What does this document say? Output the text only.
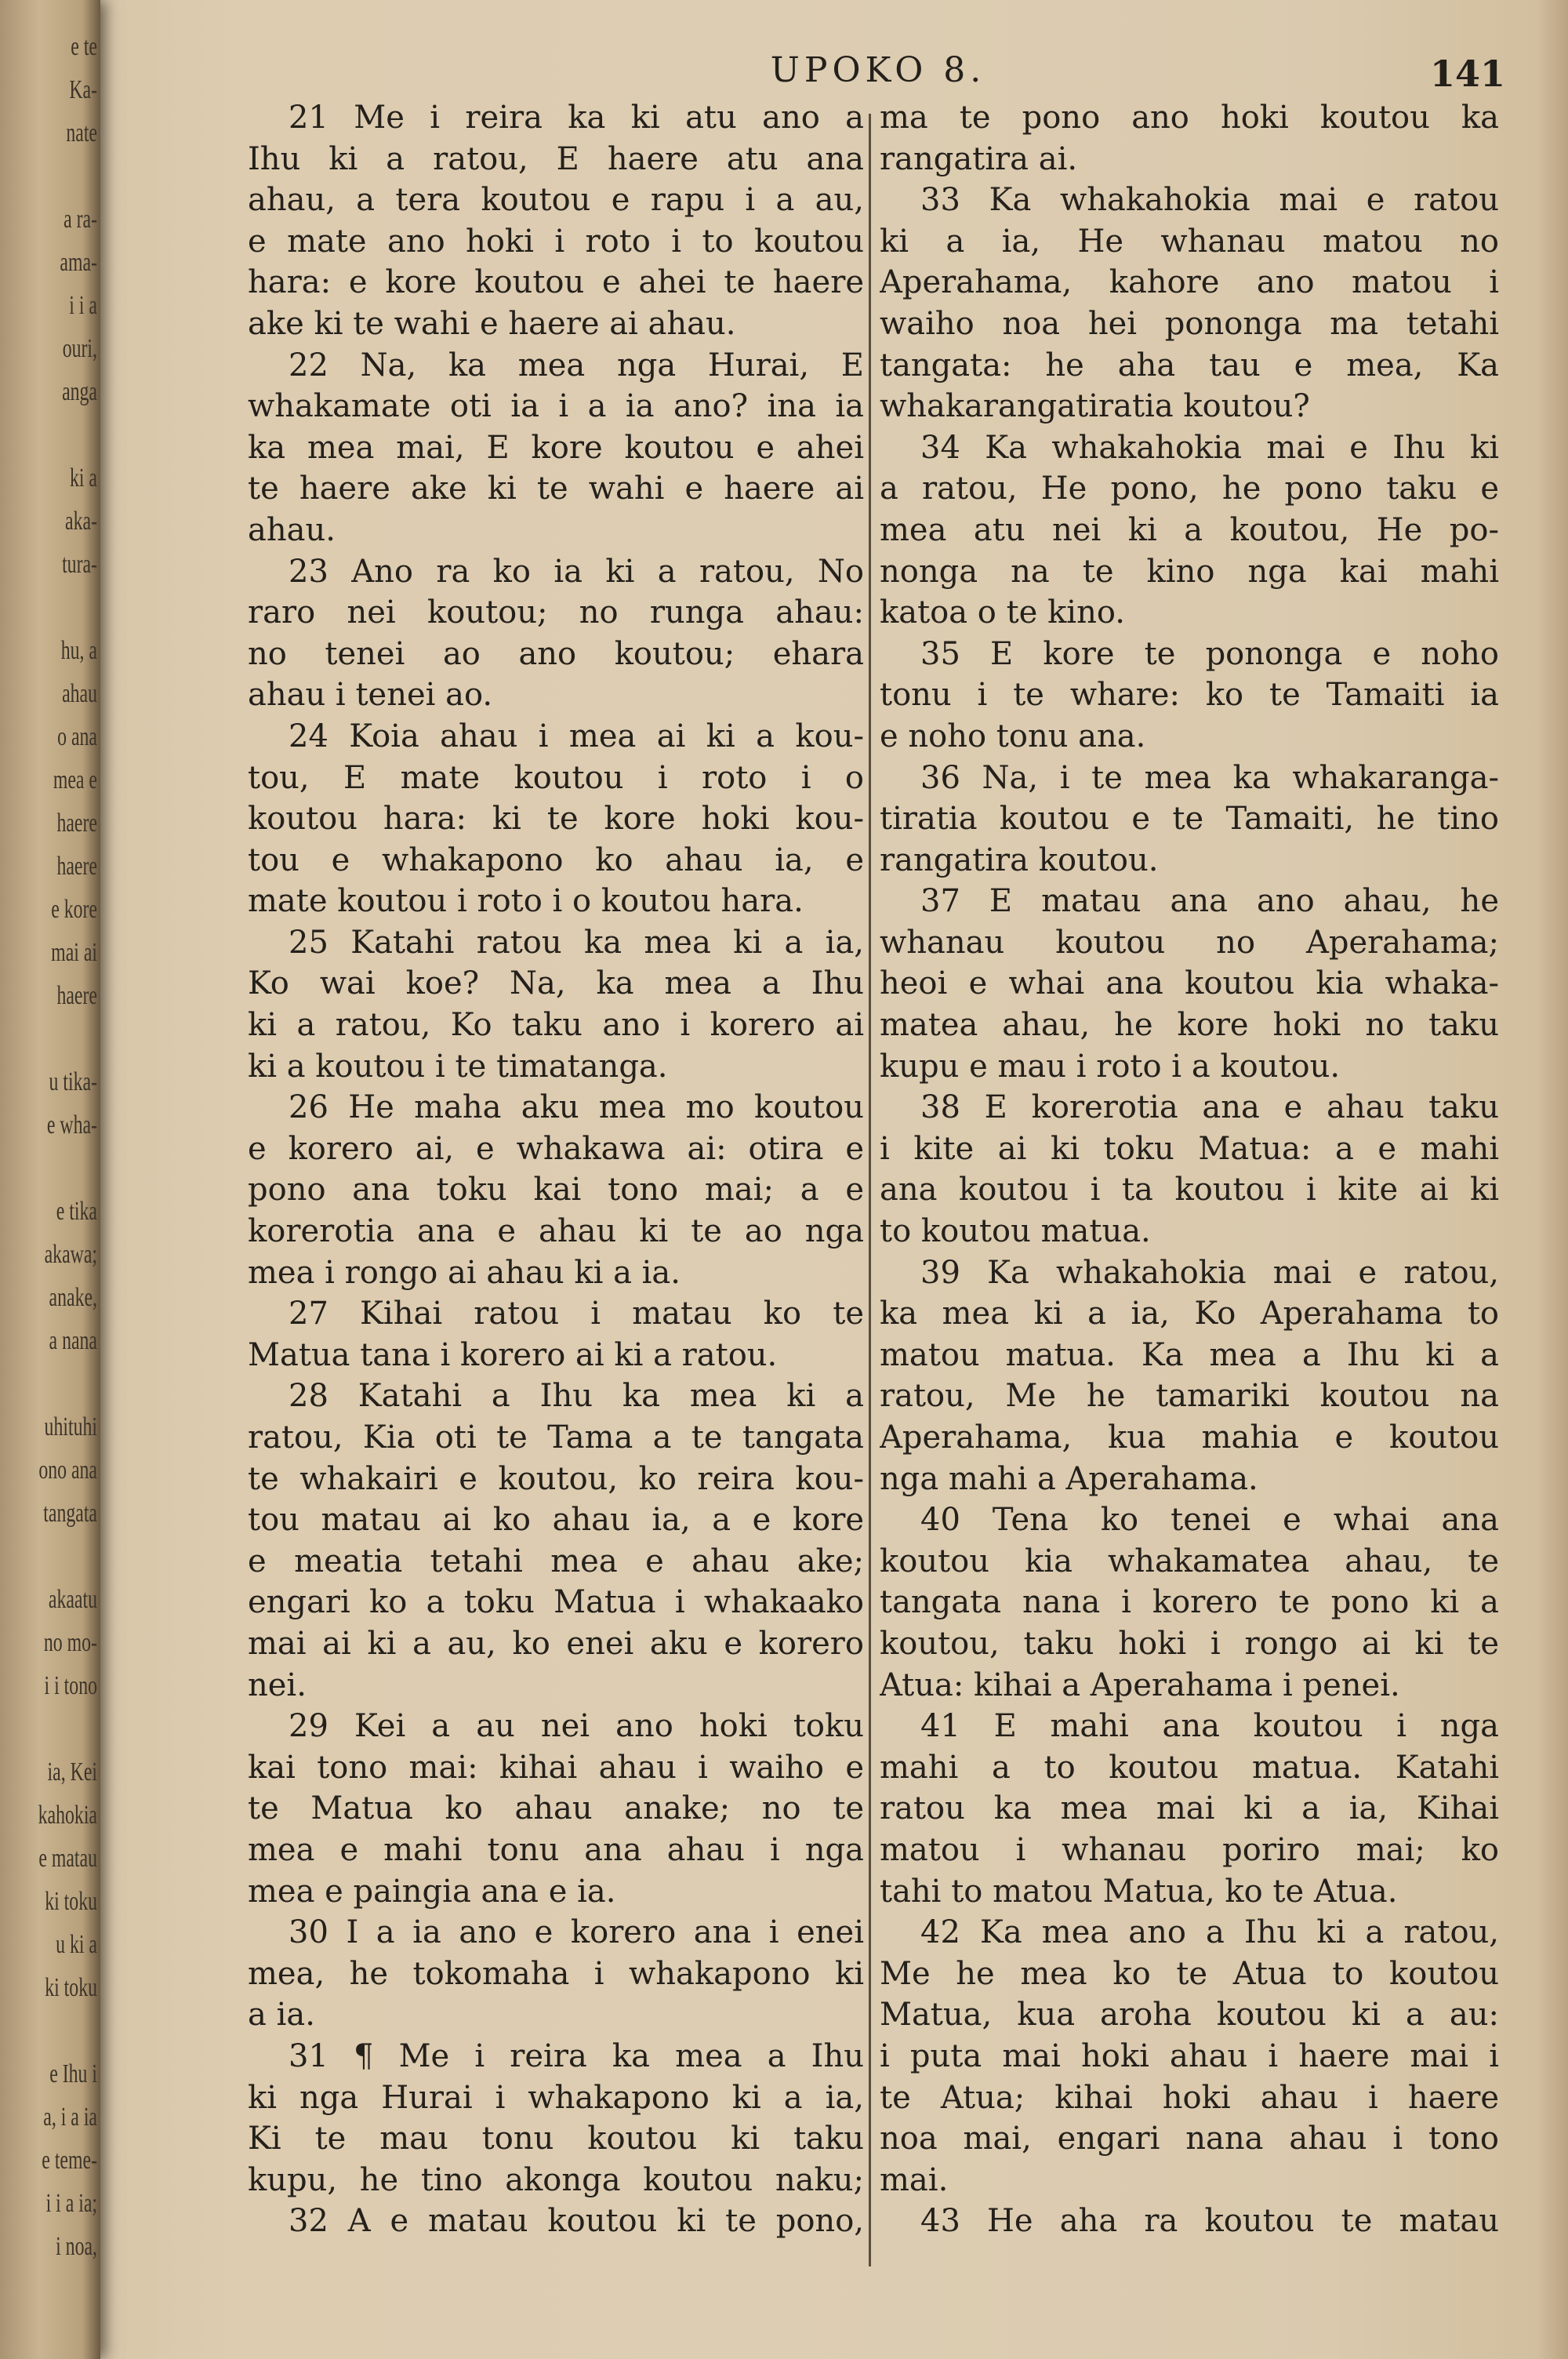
e te
Ka-
nate
a ra-
ama-
i i a
ouri,
anga
ki a
aka-
tura-
hu, a
ahau
o ana
mea e
haere
haere
e kore
mai ai
haere
u tika-
e wha-
e tika
akawa;
anake,
a nana
uhituhi
ono ana
tangata
akaatu
no mo-
i i tono
ia, Kei
kahokia
e matau
ki toku
u ki a
ki toku
e Ihu i
a, i a ia
e teme-
i i a ia;
i noa,
UPOKO 8.	141
21 Me i reira ka ki atu ano a
Ihu ki a ratou, E haere atu ana
ahau, a tera koutou e rapu i a au,
e mate ano hoki i roto i to koutou
hara: e kore koutou e ahei te haere
ake ki te wahi e haere ai ahau.
22 Na, ka mea nga Hurai, E
whakamate oti ia i a ia ano? ina ia
ka mea mai, E kore koutou e ahei
te haere ake ki te wahi e haere ai
ahau.
23 Ano ra ko ia ki a ratou, No
raro nei koutou; no runga ahau:
no tenei ao ano koutou; ehara
ahau i tenei ao.
24 Koia ahau i mea ai ki a kou-
tou, E mate koutou i roto i o
koutou hara: ki te kore hoki kou-
tou e whakapono ko ahau ia, e
mate koutou i roto i o koutou hara.
25 Katahi ratou ka mea ki a ia,
Ko wai koe? Na, ka mea a Ihu
ki a ratou, Ko taku ano i korero ai
ki a koutou i te timatanga.
26 He maha aku mea mo koutou
e korero ai, e whakawa ai: otira e
pono ana toku kai tono mai; a e
korerotia ana e ahau ki te ao nga
mea i rongo ai ahau ki a ia.
27 Kihai ratou i matau ko te
Matua tana i korero ai ki a ratou.
28 Katahi a Ihu ka mea ki a
ratou, Kia oti te Tama a te tangata
te whakairi e koutou, ko reira kou-
tou matau ai ko ahau ia, a e kore
e meatia tetahi mea e ahau ake;
engari ko a toku Matua i whakaako
mai ai ki a au, ko enei aku e korero
nei.
29 Kei a au nei ano hoki toku
kai tono mai: kihai ahau i waiho e
te Matua ko ahau anake; no te
mea e mahi tonu ana ahau i nga
mea e paingia ana e ia.
30 I a ia ano e korero ana i enei
mea, he tokomaha i whakapono ki
a ia.
31 ¶ Me i reira ka mea a Ihu
ki nga Hurai i whakapono ki a ia,
Ki te mau tonu koutou ki taku
kupu, he tino akonga koutou naku;
32 A e matau koutou ki te pono,
ma te pono ano hoki koutou ka
rangatira ai.
33 Ka whakahokia mai e ratou
ki a ia, He whanau matou no
Aperahama, kahore ano matou i
waiho noa hei pononga ma tetahi
tangata: he aha tau e mea, Ka
whakarangatiratia koutou?
34 Ka whakahokia mai e Ihu ki
a ratou, He pono, he pono taku e
mea atu nei ki a koutou, He po-
nonga na te kino nga kai mahi
katoa o te kino.
35 E kore te pononga e noho
tonu i te whare: ko te Tamaiti ia
e noho tonu ana.
36 Na, i te mea ka whakaranga-
tiratia koutou e te Tamaiti, he tino
rangatira koutou.
37 E matau ana ano ahau, he
whanau koutou no Aperahama;
heoi e whai ana koutou kia whaka-
matea ahau, he kore hoki no taku
kupu e mau i roto i a koutou.
38 E korerotia ana e ahau taku
i kite ai ki toku Matua: a e mahi
ana koutou i ta koutou i kite ai ki
to koutou matua.
39 Ka whakahokia mai e ratou,
ka mea ki a ia, Ko Aperahama to
matou matua. Ka mea a Ihu ki a
ratou, Me he tamariki koutou na
Aperahama, kua mahia e koutou
nga mahi a Aperahama.
40 Tena ko tenei e whai ana
koutou kia whakamatea ahau, te
tangata nana i korero te pono ki a
koutou, taku hoki i rongo ai ki te
Atua: kihai a Aperahama i penei.
41 E mahi ana koutou i nga
mahi a to koutou matua. Katahi
ratou ka mea mai ki a ia, Kihai
matou i whanau poriro mai; ko
tahi to matou Matua, ko te Atua.
42 Ka mea ano a Ihu ki a ratou,
Me he mea ko te Atua to koutou
Matua, kua aroha koutou ki a au:
i puta mai hoki ahau i haere mai i
te Atua; kihai hoki ahau i haere
noa mai, engari nana ahau i tono
mai.
43 He aha ra koutou te matau
